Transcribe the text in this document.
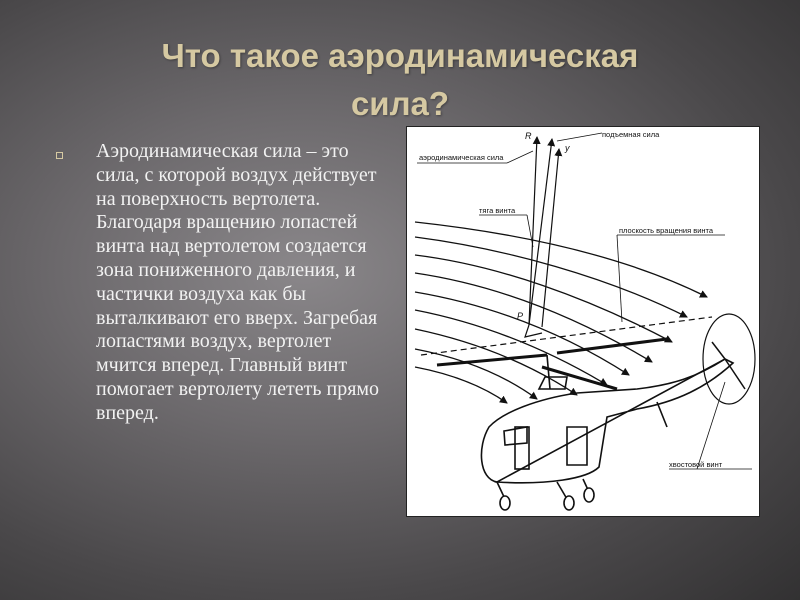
Что такое аэродинамическая
сила?

Аэродинамическая сила – это сила, с которой воздух действует на поверхность вертолета. Благодаря вращению лопастей винта над вертолетом создается зона пониженного давления, и частички воздуха как бы выталкивают его вверх. Загребая лопастями воздух, вертолет мчится вперед. Главный винт помогает вертолету лететь прямо вперед.

подъемная сила
аэродинамическая сила
тяга винта
плоскость вращения винта
хвостовой винт
R
y
P
